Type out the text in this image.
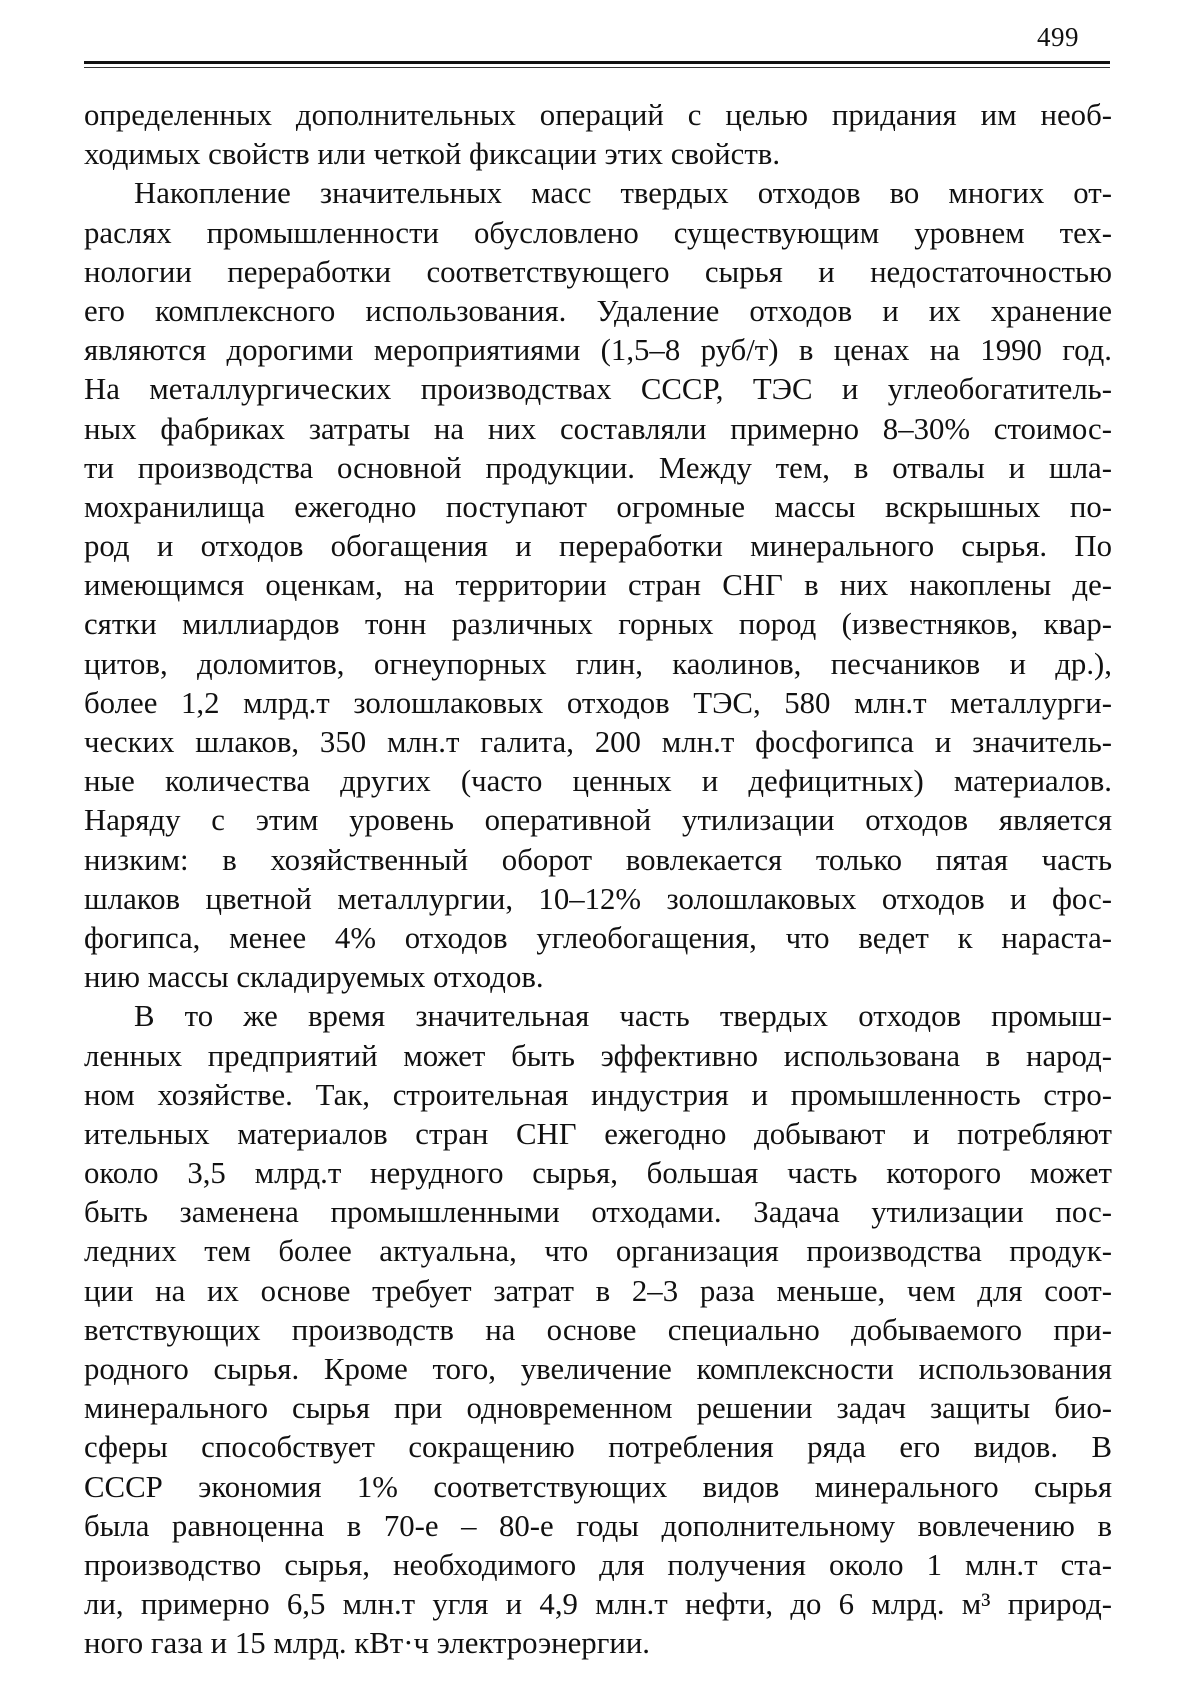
499
определенных дополнительных операций с целью придания им необ-
ходимых свойств или четкой фиксации этих свойств.
Накопление значительных масс твердых отходов во многих от-
раслях промышленности обусловлено существующим уровнем тех-
нологии переработки соответствующего сырья и недостаточностью
его комплексного использования. Удаление отходов и их хранение
являются дорогими мероприятиями (1,5–8 руб/т) в ценах на 1990 год.
На металлургических производствах СССР, ТЭС и углеобогатитель-
ных фабриках затраты на них составляли примерно 8–30% стоимос-
ти производства основной продукции. Между тем, в отвалы и шла-
мохранилища ежегодно поступают огромные массы вскрышных по-
род и отходов обогащения и переработки минерального сырья. По
имеющимся оценкам, на территории стран СНГ в них накоплены де-
сятки миллиардов тонн различных горных пород (известняков, квар-
цитов, доломитов, огнеупорных глин, каолинов, песчаников и др.),
более 1,2 млрд.т золошлаковых отходов ТЭС, 580 млн.т металлурги-
ческих шлаков, 350 млн.т галита, 200 млн.т фосфогипса и значитель-
ные количества других (часто ценных и дефицитных) материалов.
Наряду с этим уровень оперативной утилизации отходов является
низким: в хозяйственный оборот вовлекается только пятая часть
шлаков цветной металлургии, 10–12% золошлаковых отходов и фос-
фогипса, менее 4% отходов углеобогащения, что ведет к нараста-
нию массы складируемых отходов.
В то же время значительная часть твердых отходов промыш-
ленных предприятий может быть эффективно использована в народ-
ном хозяйстве. Так, строительная индустрия и промышленность стро-
ительных материалов стран СНГ ежегодно добывают и потребляют
около 3,5 млрд.т нерудного сырья, большая часть которого может
быть заменена промышленными отходами. Задача утилизации пос-
ледних тем более актуальна, что организация производства продук-
ции на их основе требует затрат в 2–3 раза меньше, чем для соот-
ветствующих производств на основе специально добываемого при-
родного сырья. Кроме того, увеличение комплексности использования
минерального сырья при одновременном решении задач защиты био-
сферы способствует сокращению потребления ряда его видов. В
СССР экономия 1% соответствующих видов минерального сырья
была равноценна в 70-е – 80-е годы дополнительному вовлечению в
производство сырья, необходимого для получения около 1 млн.т ста-
ли, примерно 6,5 млн.т угля и 4,9 млн.т нефти, до 6 млрд. м³ природ-
ного газа и 15 млрд. кВт·ч электроэнергии.
